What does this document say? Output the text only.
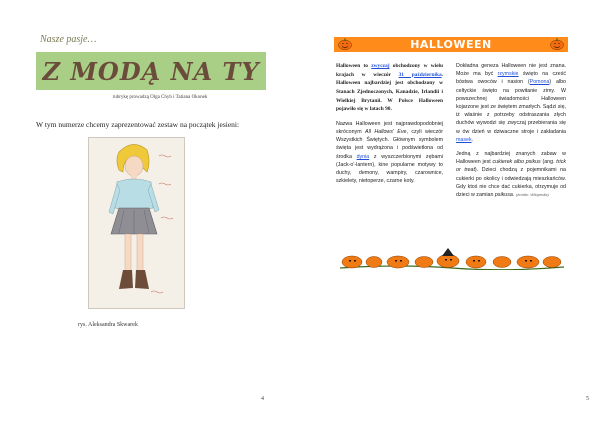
Nasze pasje…
Z MODĄ NA TY
rubrykę prowadzą Olga Chyb i Tatiana Okonek
W tym numerze chcemy zaprezentować zestaw na początek jesieni:
rys. Aleksandra Skwarek
4
HALLOWEEN

Halloween to zwyczaj obchodzony w wielu krajach w wieczór 31 października. Halloween najbardziej jest obchodzony w Stanach Zjednoczonych, Kanadzie, Irlandii i Wielkiej Brytanii. W Polsce Halloween pojawiło się w latach 90.

Nazwa Halloween jest najprawdopodobniej skróconym All Hallows' Eve, czyli wieczór Wszystkich Świętych. Głównym symbolem święta jest wydrążona i podświetlona od środka dynia z wyszczerbionymi zębami (Jack-o'-lantern), kine popularne motywy to duchy, demony, wampiry, czarownice, szkielety, nietoperze, czarne koty.

Dokładna geneza Halloween nie jest znana. Może ma być rzymskie święto na cześć bóstwa owoców i nasion (Pomona) albo celtyckie święto na powitanie zimy. W powszechnej świadomości Halloween kojarzone jest ze świętem zmarłych. Sądzi się, iż właśnie z potrzeby odstraszania złych duchów wywodzi się zwyczaj przebierania się w ów dzień w dziwaczne stroje i zakładania masek.

Jedną z najbardziej znanych zabaw w Halloween jest cukierek albo psikus (ang. trick or treat). Dzieci chodzą z pojemnikami na cukierki po okolicy i odwiedzają mieszkańców. Gdy ktoś nie chce dać cukierka, otrzymuje od dzieci w zamian psikusa. (źródło: Wikipedia)

5
